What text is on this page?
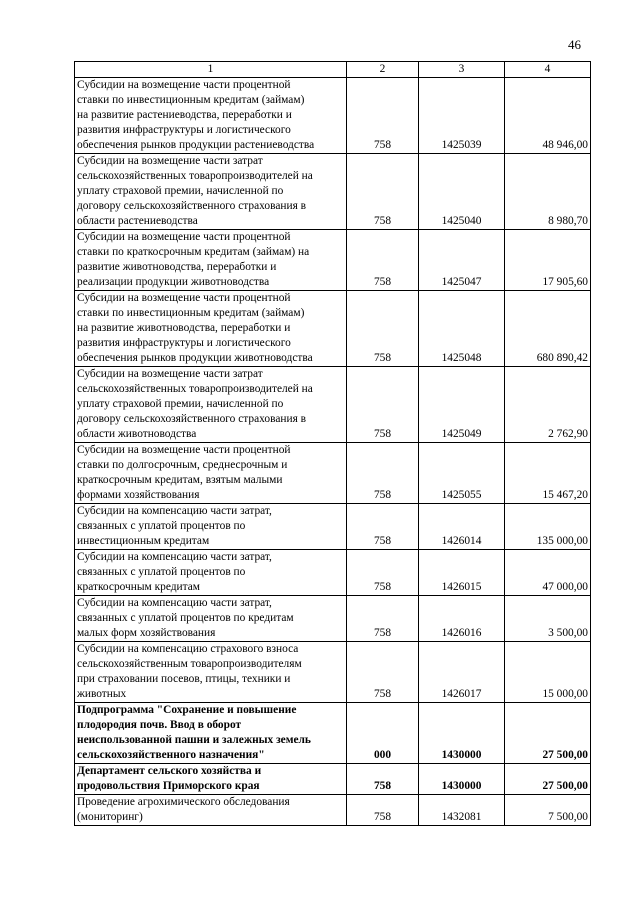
46
1	2	3	4
Субсидии на возмещение части процентной
ставки по инвестиционным кредитам (займам)
на развитие растениеводства, переработки и
развития инфраструктуры и логистического
обеспечения рынков продукции растениеводства	758	1425039	48 946,00
Субсидии на возмещение части затрат
сельскохозяйственных товаропроизводителей на
уплату страховой премии, начисленной по
договору сельскохозяйственного страхования в
области растениеводства	758	1425040	8 980,70
Субсидии на возмещение части процентной
ставки по краткосрочным кредитам (займам) на
развитие животноводства, переработки и
реализации продукции животноводства	758	1425047	17 905,60
Субсидии на возмещение части процентной
ставки по инвестиционным кредитам (займам)
на развитие животноводства, переработки и
развития инфраструктуры и логистического
обеспечения рынков продукции животноводства	758	1425048	680 890,42
Субсидии на возмещение части затрат
сельскохозяйственных товаропроизводителей на
уплату страховой премии, начисленной по
договору сельскохозяйственного страхования в
области животноводства	758	1425049	2 762,90
Субсидии на возмещение части процентной
ставки по долгосрочным, среднесрочным и
краткосрочным кредитам, взятым малыми
формами хозяйствования	758	1425055	15 467,20
Субсидии на компенсацию части затрат,
связанных с уплатой процентов по
инвестиционным кредитам	758	1426014	135 000,00
Субсидии на компенсацию части затрат,
связанных с уплатой процентов по
краткосрочным кредитам	758	1426015	47 000,00
Субсидии на компенсацию части затрат,
связанных с уплатой процентов по кредитам
малых форм хозяйствования	758	1426016	3 500,00
Субсидии на компенсацию страхового взноса
сельскохозяйственным товаропроизводителям
при страховании посевов, птицы, техники и
животных	758	1426017	15 000,00
Подпрограмма "Сохранение и повышение
плодородия почв. Ввод в оборот
неиспользованной пашни и залежных земель
сельскохозяйственного назначения"	000	1430000	27 500,00
Департамент сельского хозяйства и
продовольствия Приморского края	758	1430000	27 500,00
Проведение агрохимического обследования
(мониторинг)	758	1432081	7 500,00
